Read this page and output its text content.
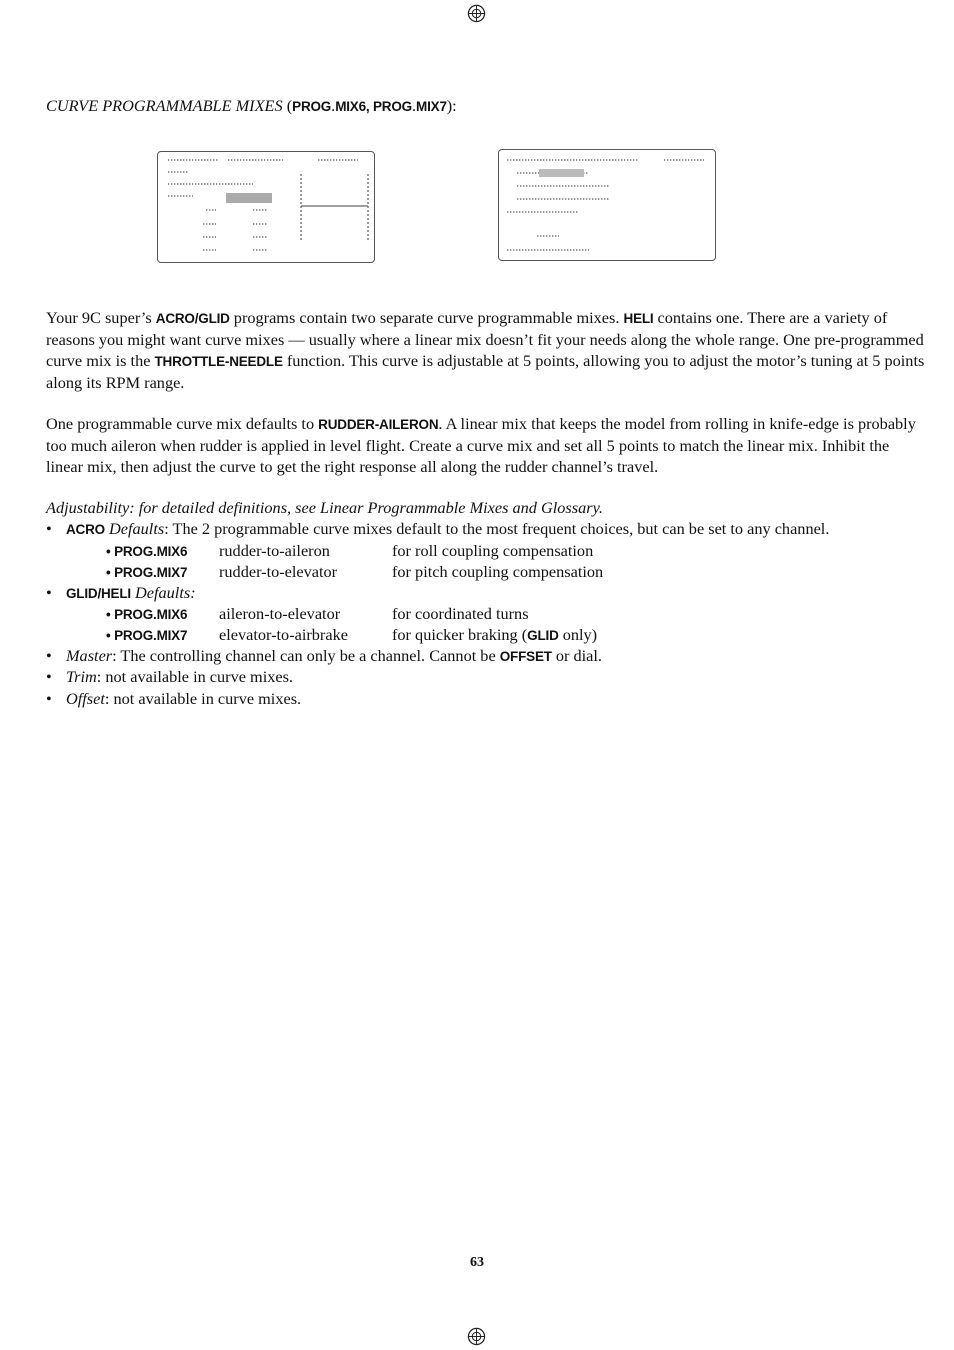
CURVE PROGRAMMABLE MIXES (PROG.MIX6, PROG.MIX7):

Your 9C super’s ACRO/GLID programs contain two separate curve programmable mixes. HELI contains one. There are a variety of reasons you might want curve mixes — usually where a linear mix doesn’t fit your needs along the whole range. One pre-programmed curve mix is the THROTTLE-NEEDLE function. This curve is adjustable at 5 points, allowing you to adjust the motor’s tuning at 5 points along its RPM range.

One programmable curve mix defaults to RUDDER-AILERON. A linear mix that keeps the model from rolling in knife-edge is probably too much aileron when rudder is applied in level flight. Create a curve mix and set all 5 points to match the linear mix. Inhibit the linear mix, then adjust the curve to get the right response all along the rudder channel’s travel.

Adjustability: for detailed definitions, see Linear Programmable Mixes and Glossary.
• ACRO Defaults: The 2 programmable curve mixes default to the most frequent choices, but can be set to any channel.
• PROG.MIX6 rudder-to-aileron	for roll coupling compensation
• PROG.MIX7 rudder-to-elevator	for pitch coupling compensation
• GLID/HELI Defaults:
• PROG.MIX6 aileron-to-elevator	for coordinated turns
• PROG.MIX7 elevator-to-airbrake	for quicker braking (GLID only)
• Master: The controlling channel can only be a channel. Cannot be OFFSET or dial.
• Trim: not available in curve mixes.
• Offset: not available in curve mixes.
63
